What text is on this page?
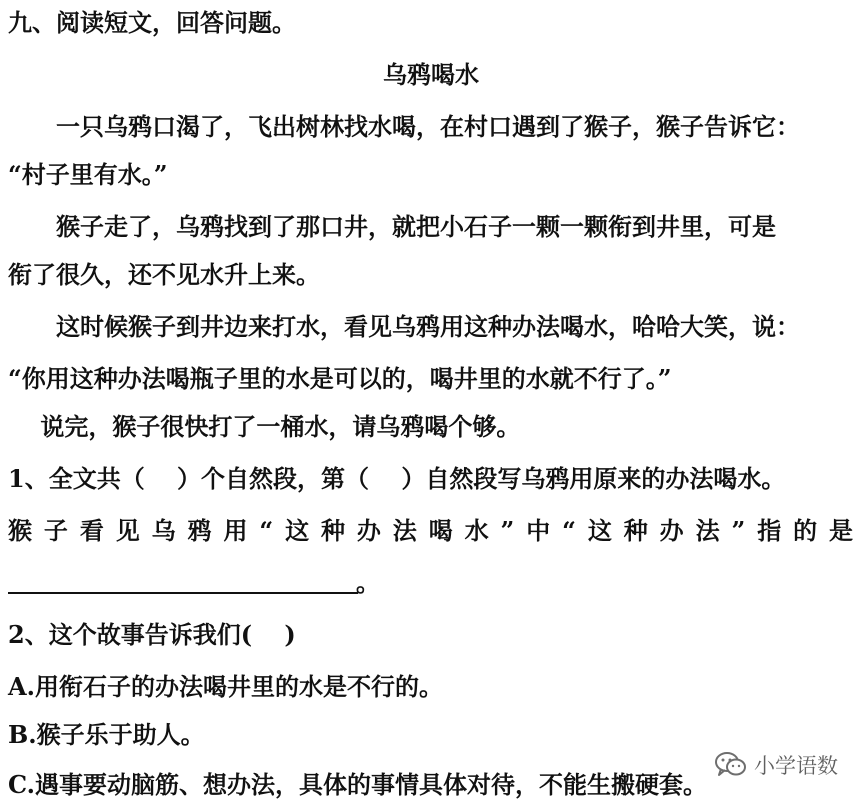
九、阅读短文，回答问题。
乌鸦喝水
　　一只乌鸦口渴了，飞出树林找水喝，在村口遇到了猴子，猴子告诉它：
“村子里有水。”
　　猴子走了，乌鸦找到了那口井，就把小石子一颗一颗衔到井里，可是
衔了很久，还不见水升上来。
　　这时候猴子到井边来打水，看见乌鸦用这种办法喝水，哈哈大笑，说：
“你用这种办法喝瓶子里的水是可以的，喝井里的水就不行了。”
　 说完，猴子很快打了一桶水，请乌鸦喝个够。
1、全文共（　 ）个自然段，第（　 ）自然段写乌鸦用原来的办法喝水。
猴 子 看 见 乌 鸦 用 “ 这 种 办 法 喝 水 ” 中 “ 这 种 办 法 ” 指 的 是
。
2、这个故事告诉我们(　 )
A.用衔石子的办法喝井里的水是不行的。
B.猴子乐于助人。
C.遇事要动脑筋、想办法，具体的事情具体对待，不能生搬硬套。
小学语数
